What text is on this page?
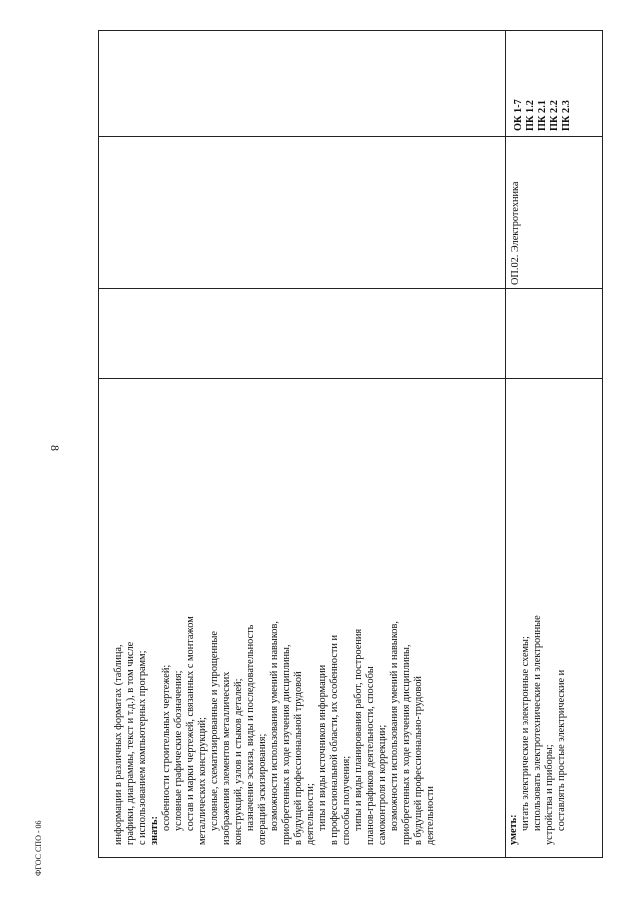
8
ФГОС СПО - 06
информации в различных форматах (таблица, графики, диаграммы, текст и т.д.), в том числе с использованием компьютерных программ; знать: особенности строительных чертежей; условные графические обозначения; состав и марки чертежей, связанных с монтажом металлических конструкций; условные, схематизированные и упрощенные изображения элементов металлических конструкций, узлов и стыков деталей; назначение эскиза, виды и последовательность операций эскизирования; возможности использования умений и навыков, приобретенных в ходе изучения дисциплины, в будущей профессиональной трудовой деятельности; типы и виды источников информации в профессиональной области, их особенности и способы получения; типы и виды планирования работ, построения планов-графиков деятельности, способы самоконтроля и коррекции; возможности использования умений и навыков, приобретенных в ходе изучения дисциплины, в будущей профессионально-трудовой деятельности	уметь: читать электрические и электронные схемы; использовать электротехнические и электронные устройства и приборы; составлять простые электрические и
ОП.02. Электротехника
ОК 1-7 ПК 1.2 ПК 2.1 ПК 2.2 ПК 2.3
